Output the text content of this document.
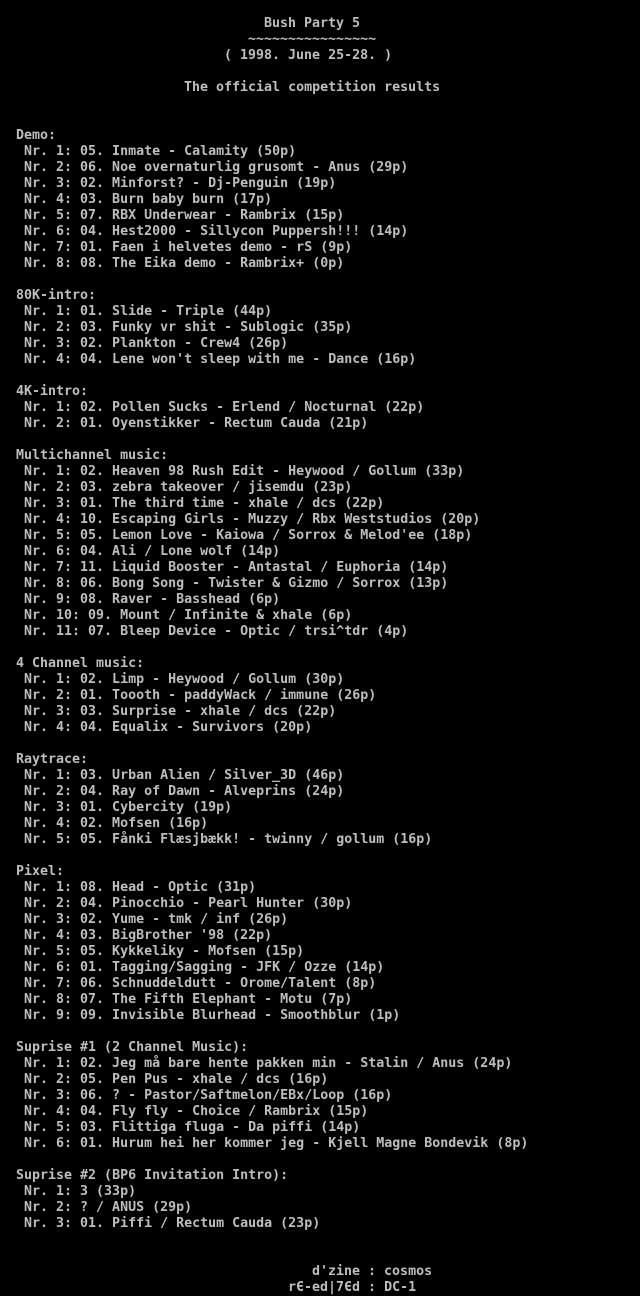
Bush Party 5

~~~~~~~~~~~~~~~~

( 1998. June 25-28. )

The official competition results

Demo:
Nr. 1: 05. Inmate - Calamity (50p)
Nr. 2: 06. Noe overnaturlig grusomt - Anus (29p)
Nr. 3: 02. Minforst? - Dj-Penguin (19p)
Nr. 4: 03. Burn baby burn (17p)
Nr. 5: 07. RBX Underwear - Rambrix (15p)
Nr. 6: 04. Hest2000 - Sillycon Puppersh!!! (14p)
Nr. 7: 01. Faen i helvetes demo - rS (9p)
Nr. 8: 08. The Eika demo - Rambrix+ (0p)
80K-intro:
Nr. 1: 01. Slide - Triple (44p)
Nr. 2: 03. Funky vr shit - Sublogic (35p)
Nr. 3: 02. Plankton - Crew4 (26p)
Nr. 4: 04. Lene won't sleep with me - Dance (16p)
4K-intro:
Nr. 1: 02. Pollen Sucks - Erlend / Nocturnal (22p)
Nr. 2: 01. Oyenstikker - Rectum Cauda (21p)
Multichannel music:
Nr. 1: 02. Heaven 98 Rush Edit - Heywood / Gollum (33p)
Nr. 2: 03. zebra takeover / jisemdu (23p)
Nr. 3: 01. The third time - xhale / dcs (22p)
Nr. 4: 10. Escaping Girls - Muzzy / Rbx Weststudios (20p)
Nr. 5: 05. Lemon Love - Kaiowa / Sorrox & Melod'ee (18p)
Nr. 6: 04. Ali / Lone wolf (14p)
Nr. 7: 11. Liquid Booster - Antastal / Euphoria (14p)
Nr. 8: 06. Bong Song - Twister & Gizmo / Sorrox (13p)
Nr. 9: 08. Raver - Basshead (6p)
Nr. 10: 09. Mount / Infinite & xhale (6p)
Nr. 11: 07. Bleep Device - Optic / trsi^tdr (4p)
4 Channel music:
Nr. 1: 02. Limp - Heywood / Gollum (30p)
Nr. 2: 01. Toooth - paddyWack / immune (26p)
Nr. 3: 03. Surprise - xhale / dcs (22p)
Nr. 4: 04. Equalix - Survivors (20p)
Raytrace:
Nr. 1: 03. Urban Alien / Silver_3D (46p)
Nr. 2: 04. Ray of Dawn - Alveprins (24p)
Nr. 3: 01. Cybercity (19p)
Nr. 4: 02. Mofsen (16p)
Nr. 5: 05. Fånki Flæsjbækk! - twinny / gollum (16p)
Pixel:
Nr. 1: 08. Head - Optic (31p)
Nr. 2: 04. Pinocchio - Pearl Hunter (30p)
Nr. 3: 02. Yume - tmk / inf (26p)
Nr. 4: 03. BigBrother '98 (22p)
Nr. 5: 05. Kykkeliky - Mofsen (15p)
Nr. 6: 01. Tagging/Sagging - JFK / Ozze (14p)
Nr. 7: 06. Schnuddeldutt - Orome/Talent (8p)
Nr. 8: 07. The Fifth Elephant - Motu (7p)
Nr. 9: 09. Invisible Blurhead - Smoothblur (1p)
Suprise #1 (2 Channel Music):
Nr. 1: 02. Jeg må bare hente pakken min - Stalin / Anus (24p)
Nr. 2: 05. Pen Pus - xhale / dcs (16p)
Nr. 3: 06. ? - Pastor/Saftmelon/EBx/Loop (16p)
Nr. 4: 04. Fly fly - Choice / Rambrix (15p)
Nr. 5: 03. Flittiga fluga - Da piffi (14p)
Nr. 6: 01. Hurum hei her kommer jeg - Kjell Magne Bondevik (8p)
Suprise #2 (BP6 Invitation Intro):
Nr. 1: 3 (33p)
Nr. 2: ? / ANUS (29p)
Nr. 3: 01. Piffi / Rectum Cauda (23p)

d'zine : cosmos

rЄ-ed|7Єd : DC-1
